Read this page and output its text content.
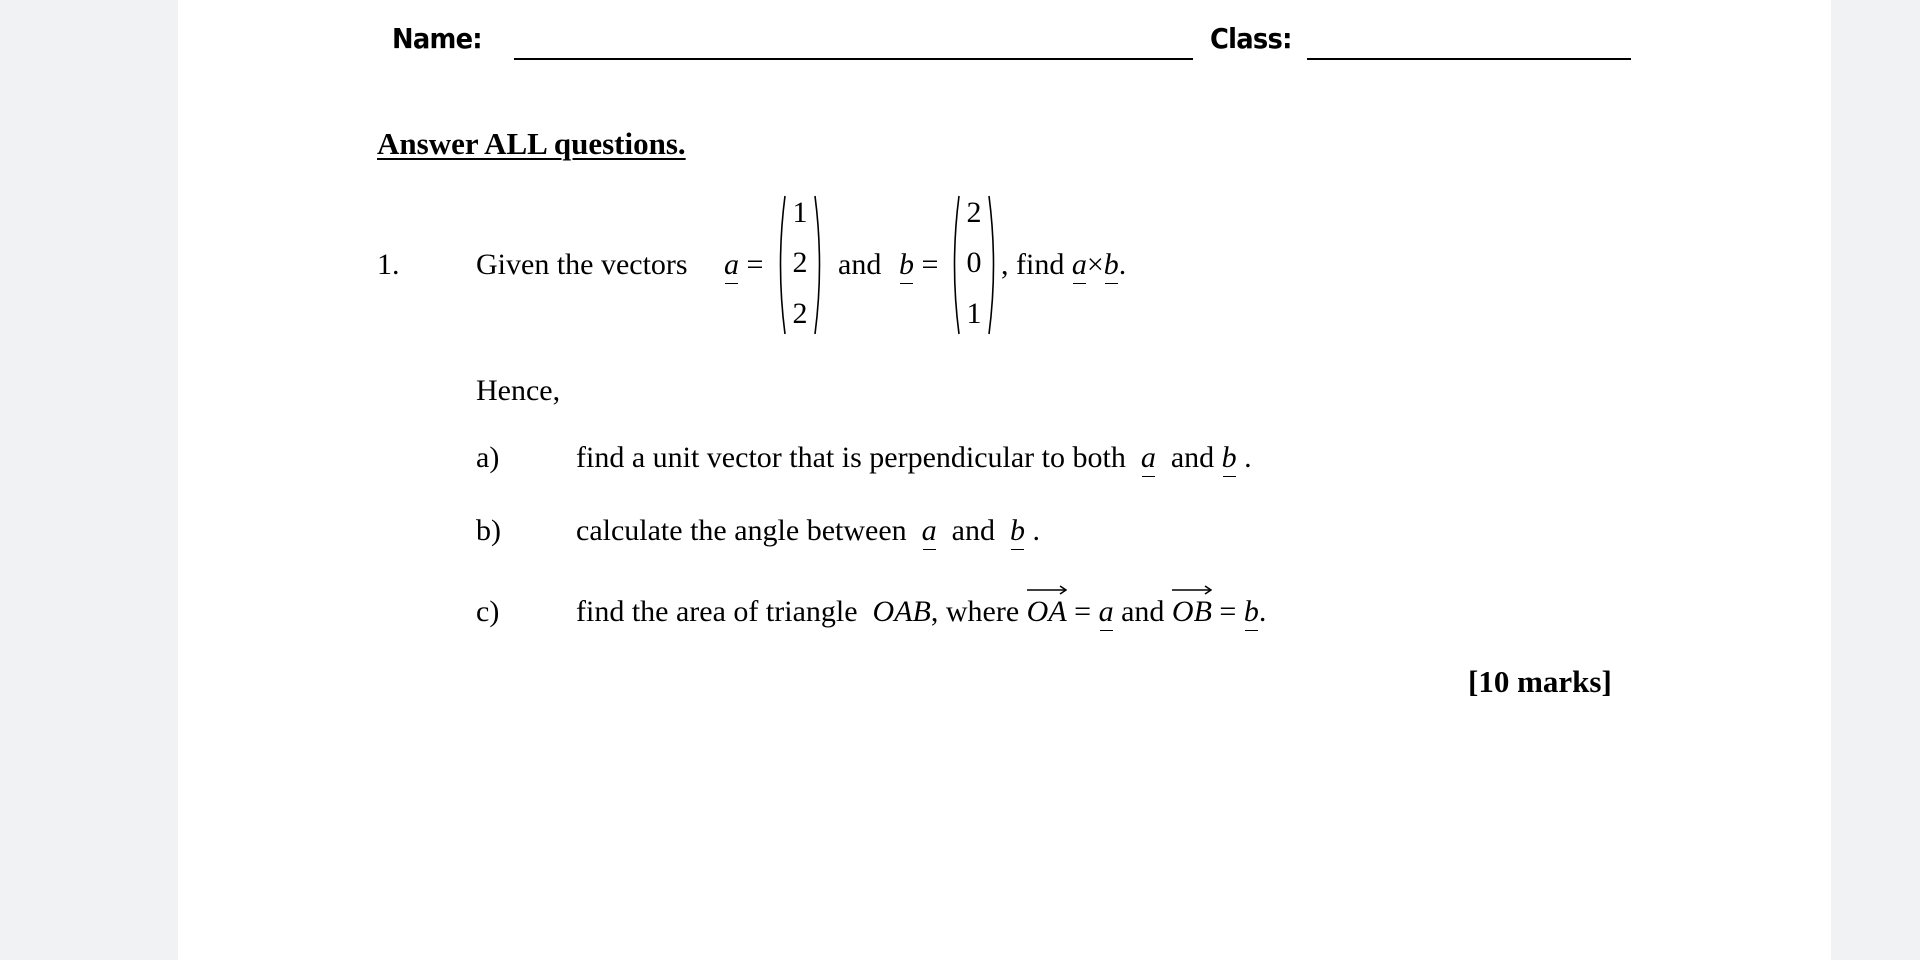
Name:	Class:
Answer ALL questions.
1.	Given the vectors a =
1
2
2
and b =
2
0
1
, find a×b.
Hence,
a)	find a unit vector that is perpendicular to both a and b .
b)	calculate the angle between a and b .
c)	find the area of triangle OAB, where OA = a and OB = b.
[10 marks]
